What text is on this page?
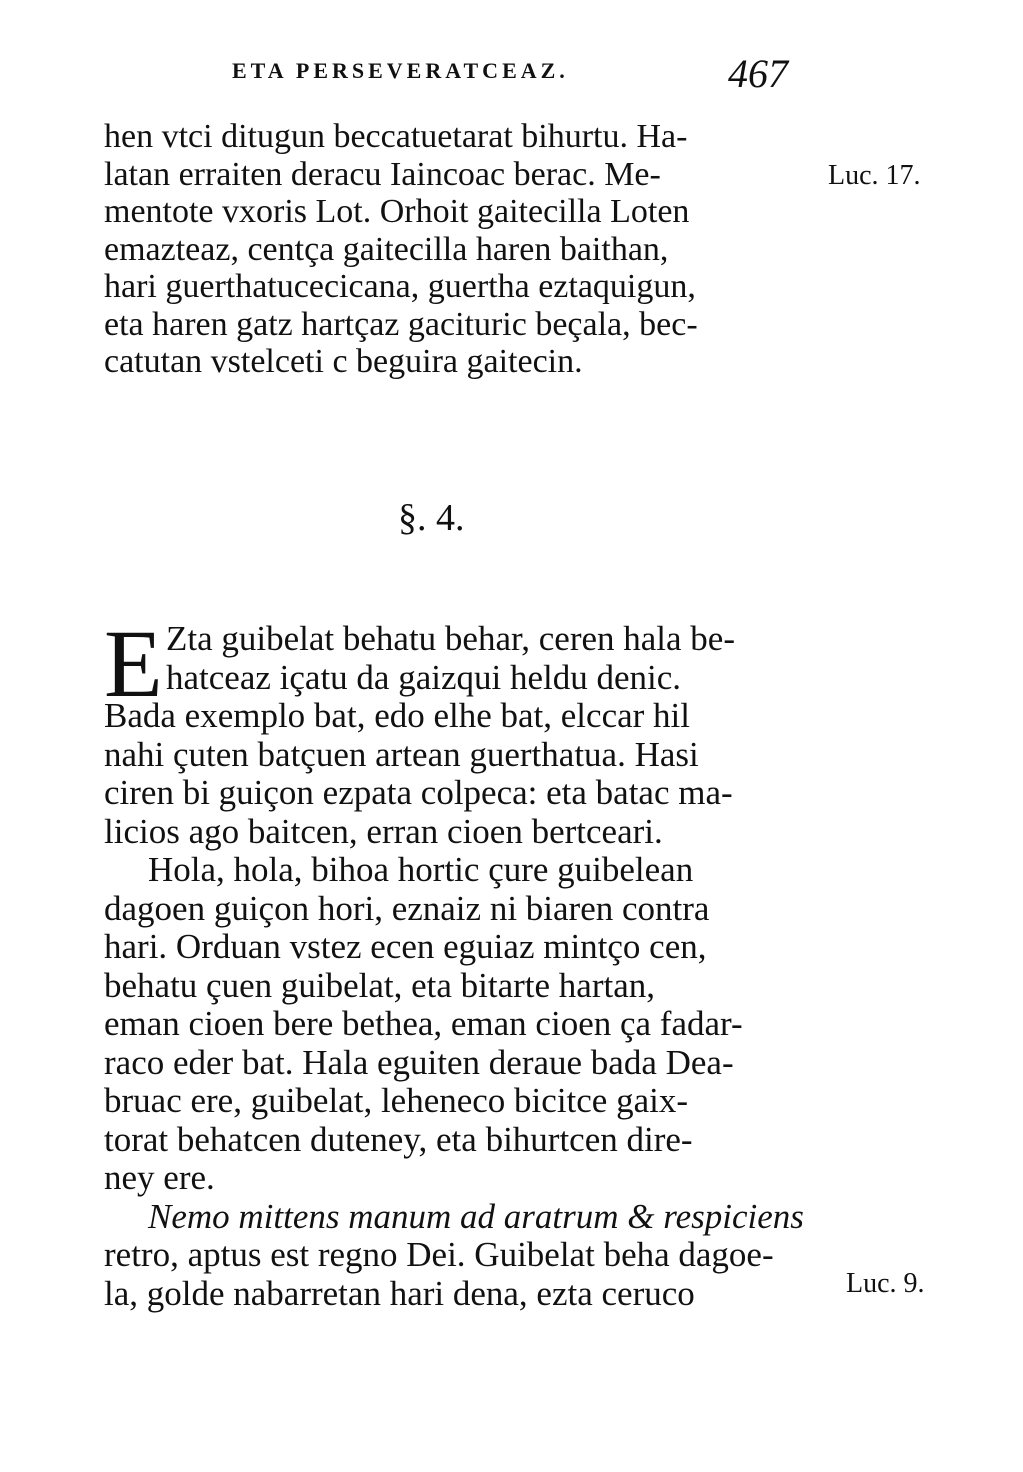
ETA PERSEVERATCEAZ.	467
hen vtci ditugun beccatuetarat bihurtu. Ha-
latan erraiten deracu Iaincoac berac. Me-
mentote vxoris Lot. Orhoit gaitecilla Loten
emazteaz, centça gaitecilla haren baithan,
hari guerthatucecicana, guertha eztaquigun,
eta haren gatz hartçaz gacituric beçala, bec-
catutan vstelceti c beguira gaitecin.
Luc. 17.
§. 4.
E Zta guibelat behatu behar, ceren hala be-
hatceaz içatu da gaizqui heldu denic.
Bada exemplo bat, edo elhe bat, elccar hil
nahi çuten batçuen artean guerthatua. Hasi
ciren bi guiçon ezpata colpeca: eta batac ma-
licios ago baitcen, erran cioen bertceari.
Hola, hola, bihoa hortic çure guibelean
dagoen guiçon hori, eznaiz ni biaren contra
hari. Orduan vstez ecen eguiaz mintço cen,
behatu çuen guibelat, eta bitarte hartan,
eman cioen bere bethea, eman cioen ça fadar-
raco eder bat. Hala eguiten deraue bada Dea-
bruac ere, guibelat, leheneco bicitce gaix-
torat behatcen duteney, eta bihurtcen dire-
ney ere.
Nemo mittens manum ad aratrum & respiciens
retro, aptus est regno Dei. Guibelat beha dagoe-
la, golde nabarretan hari dena, ezta ceruco	Luc. 9.
